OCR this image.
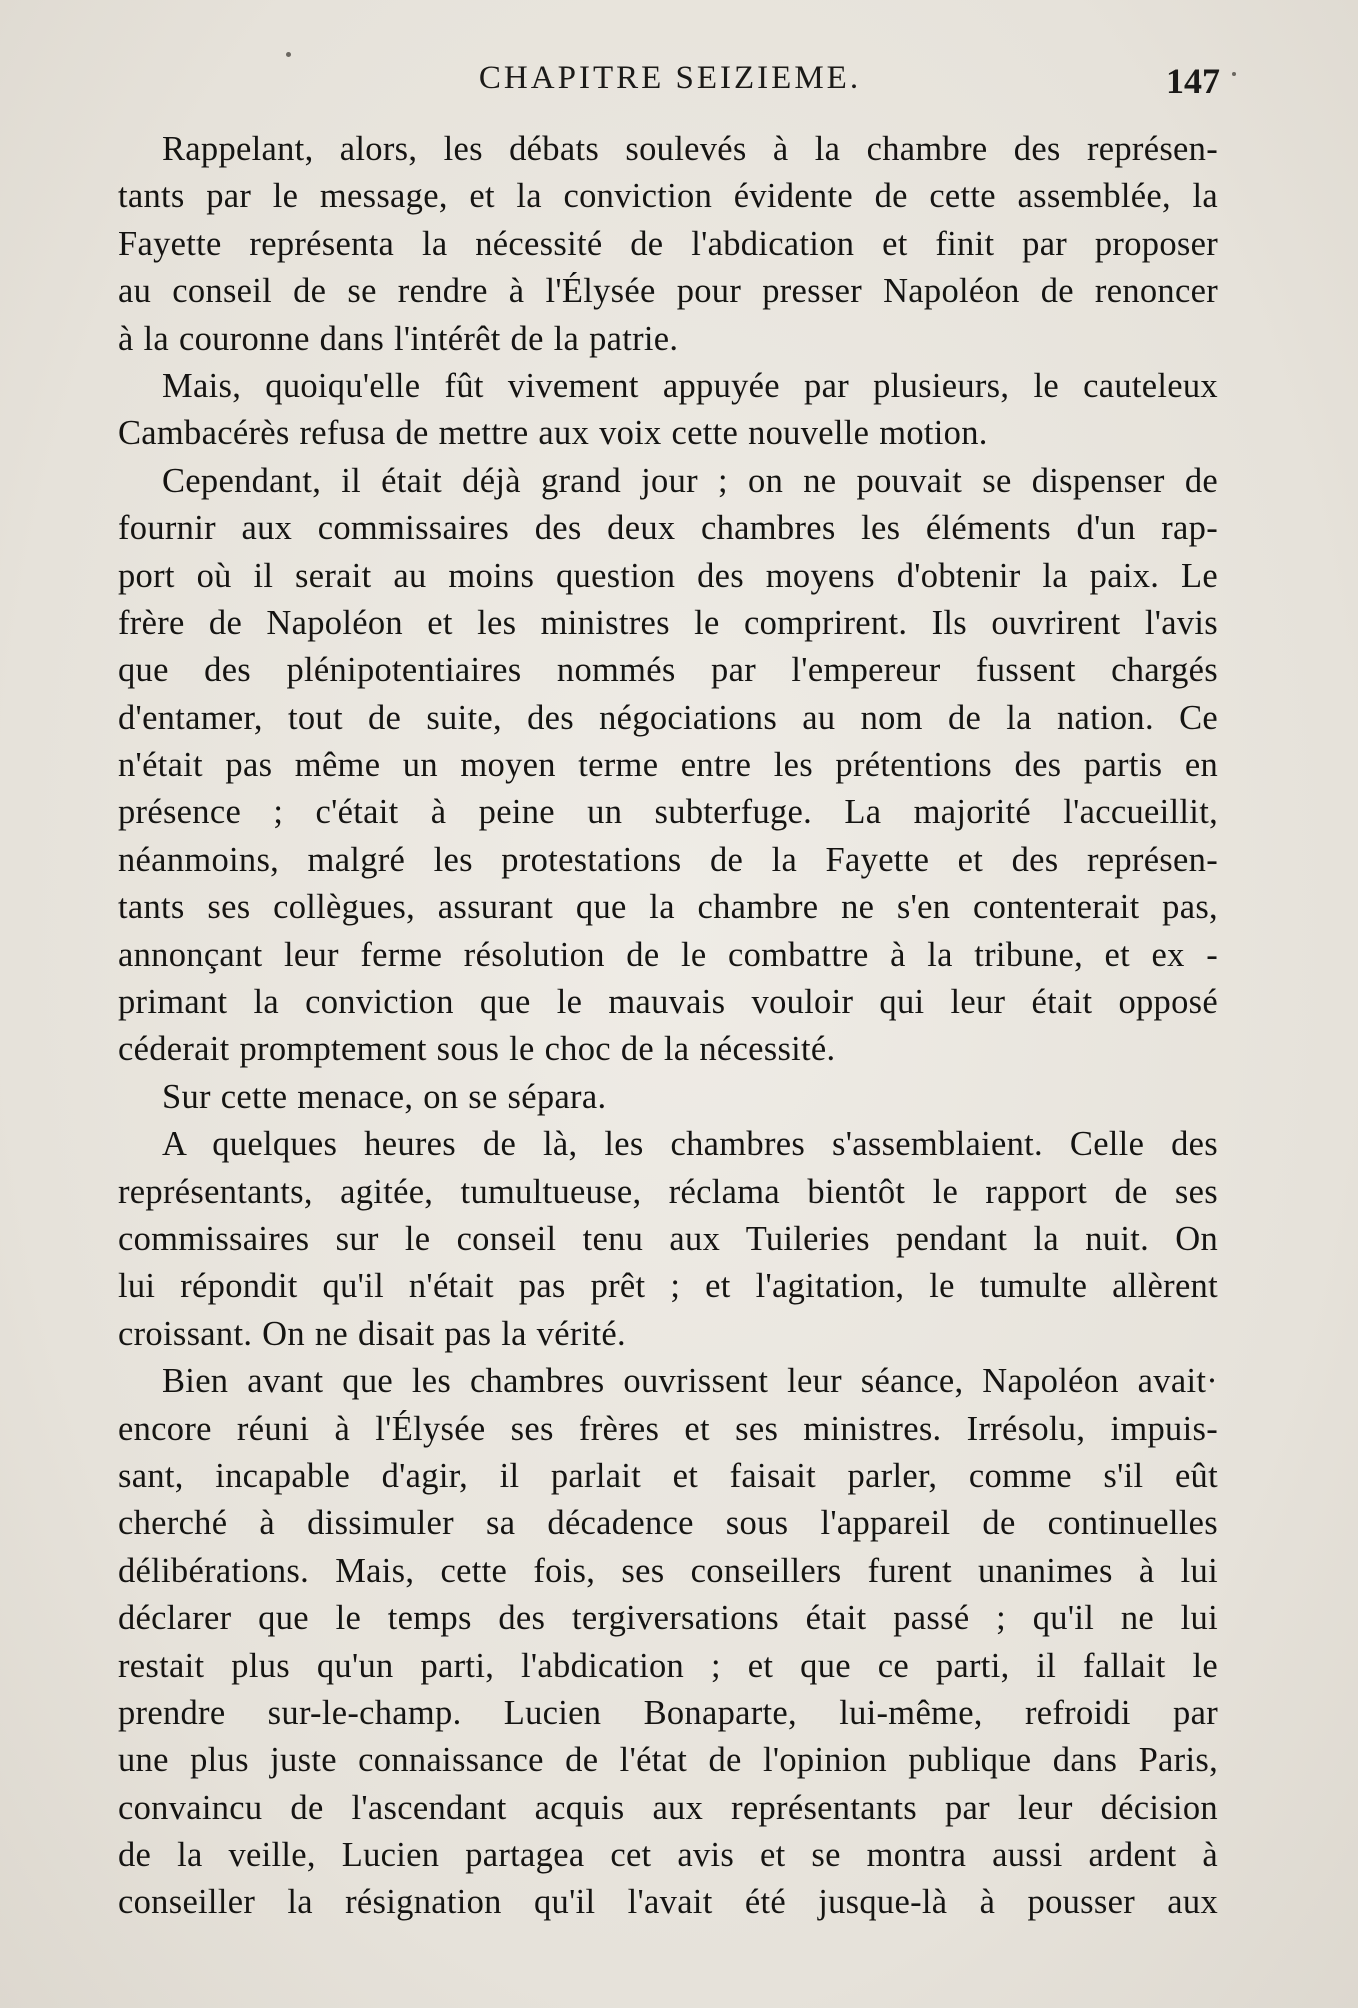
CHAPITRE SEIZIEME.	147
Rappelant, alors, les débats soulevés à la chambre des représen-
tants par le message, et la conviction évidente de cette assemblée, la
Fayette représenta la nécessité de l'abdication et finit par proposer
au conseil de se rendre à l'Élysée pour presser Napoléon de renoncer
à la couronne dans l'intérêt de la patrie.
Mais, quoiqu'elle fût vivement appuyée par plusieurs, le cauteleux
Cambacérès refusa de mettre aux voix cette nouvelle motion.
Cependant, il était déjà grand jour ; on ne pouvait se dispenser de
fournir aux commissaires des deux chambres les éléments d'un rap-
port où il serait au moins question des moyens d'obtenir la paix. Le
frère de Napoléon et les ministres le comprirent. Ils ouvrirent l'avis
que des plénipotentiaires nommés par l'empereur fussent chargés
d'entamer, tout de suite, des négociations au nom de la nation. Ce
n'était pas même un moyen terme entre les prétentions des partis en
présence ; c'était à peine un subterfuge. La majorité l'accueillit,
néanmoins, malgré les protestations de la Fayette et des représen-
tants ses collègues, assurant que la chambre ne s'en contenterait pas,
annonçant leur ferme résolution de le combattre à la tribune, et ex -
primant la conviction que le mauvais vouloir qui leur était opposé
céderait promptement sous le choc de la nécessité.
Sur cette menace, on se sépara.
A quelques heures de là, les chambres s'assemblaient. Celle des
représentants, agitée, tumultueuse, réclama bientôt le rapport de ses
commissaires sur le conseil tenu aux Tuileries pendant la nuit. On
lui répondit qu'il n'était pas prêt ; et l'agitation, le tumulte allèrent
croissant. On ne disait pas la vérité.
Bien avant que les chambres ouvrissent leur séance, Napoléon avait·
encore réuni à l'Élysée ses frères et ses ministres. Irrésolu, impuis-
sant, incapable d'agir, il parlait et faisait parler, comme s'il eût
cherché à dissimuler sa décadence sous l'appareil de continuelles
délibérations. Mais, cette fois, ses conseillers furent unanimes à lui
déclarer que le temps des tergiversations était passé ; qu'il ne lui
restait plus qu'un parti, l'abdication ; et que ce parti, il fallait le
prendre sur-le-champ. Lucien Bonaparte, lui-même, refroidi par
une plus juste connaissance de l'état de l'opinion publique dans Paris,
convaincu de l'ascendant acquis aux représentants par leur décision
de la veille, Lucien partagea cet avis et se montra aussi ardent à
conseiller la résignation qu'il l'avait été jusque-là à pousser aux
